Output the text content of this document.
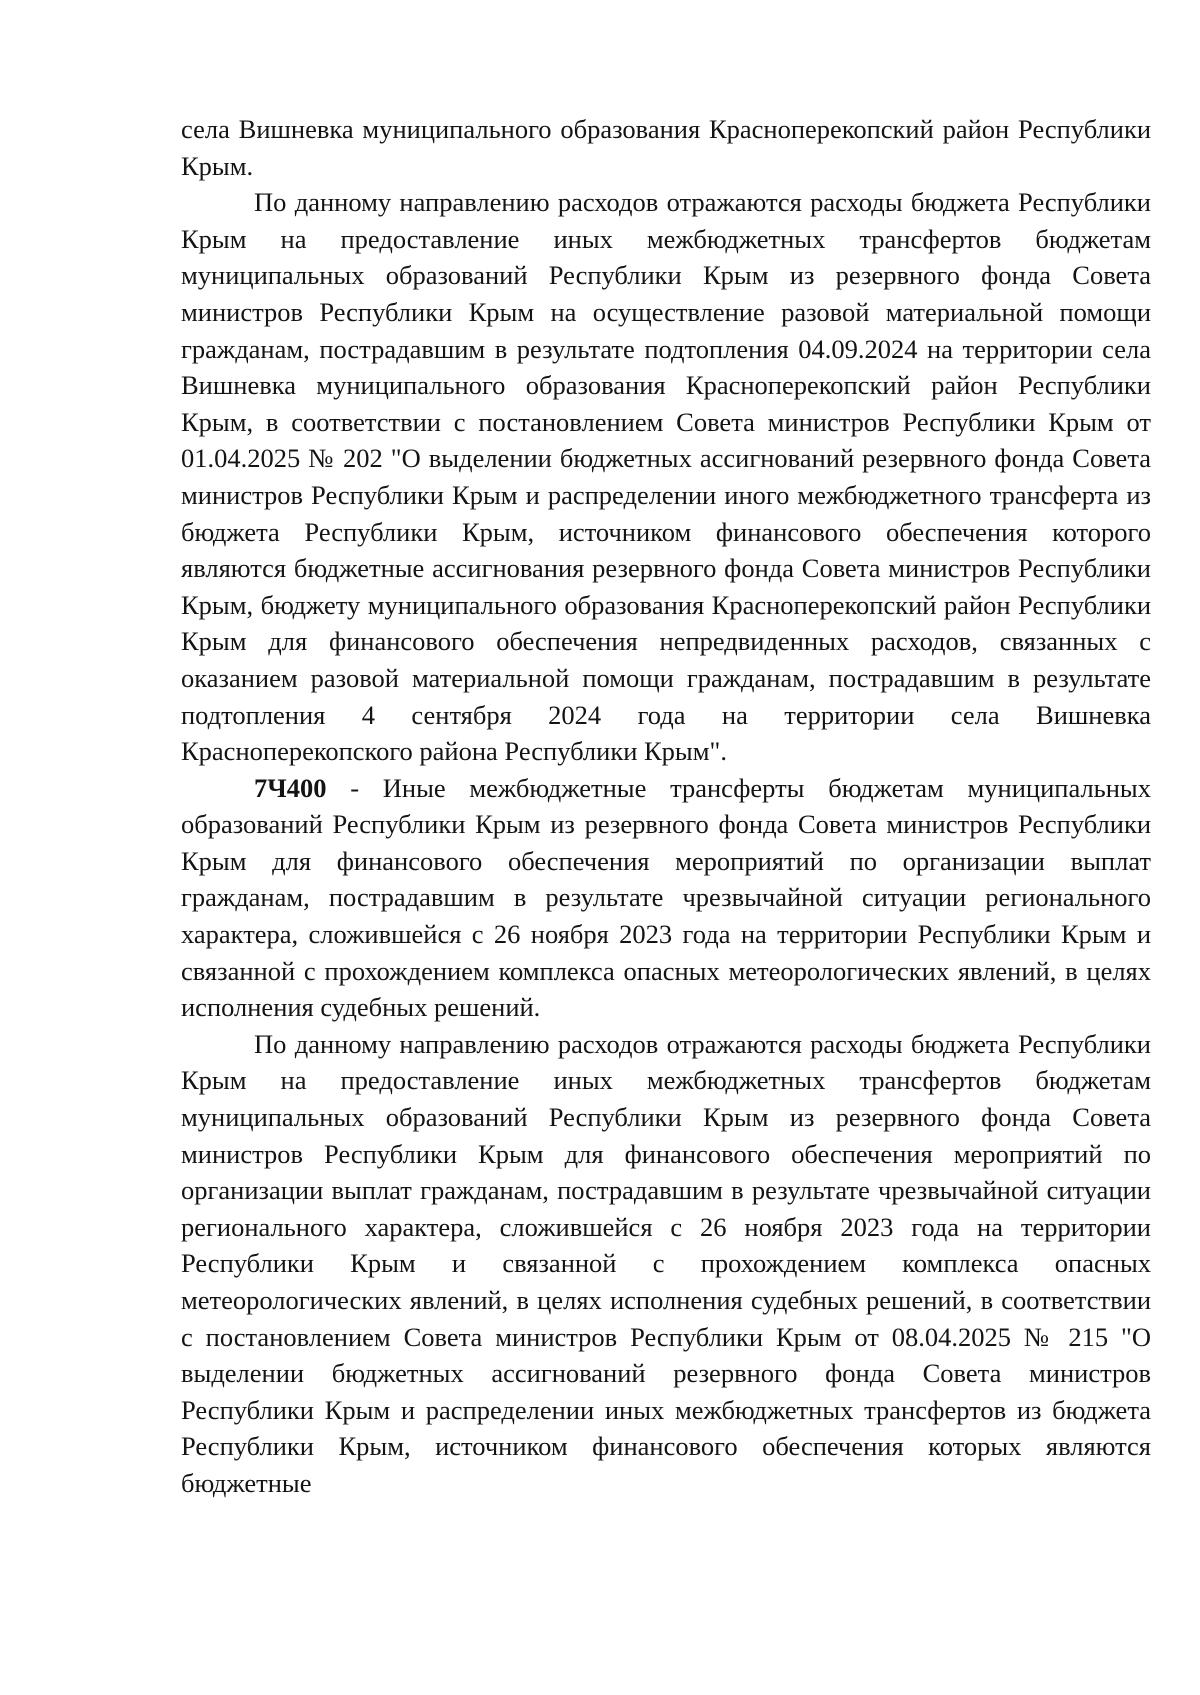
села Вишневка муниципального образования Красноперекопский район Республики Крым.

По данному направлению расходов отражаются расходы бюджета Республики Крым на предоставление иных межбюджетных трансфертов бюджетам муниципальных образований Республики Крым из резервного фонда Совета министров Республики Крым на осуществление разовой материальной помощи гражданам, пострадавшим в результате подтопления 04.09.2024 на территории села Вишневка муниципального образования Красноперекопский район Республики Крым, в соответствии с постановлением Совета министров Республики Крым от 01.04.2025 № 202 "О выделении бюджетных ассигнований резервного фонда Совета министров Республики Крым и распределении иного межбюджетного трансферта из бюджета Республики Крым, источником финансового обеспечения которого являются бюджетные ассигнования резервного фонда Совета министров Республики Крым, бюджету муниципального образования Красноперекопский район Республики Крым для финансового обеспечения непредвиденных расходов, связанных с оказанием разовой материальной помощи гражданам, пострадавшим в результате подтопления 4 сентября 2024 года на территории села Вишневка Красноперекопского района Республики Крым".

7Ч400 - Иные межбюджетные трансферты бюджетам муниципальных образований Республики Крым из резервного фонда Совета министров Республики Крым для финансового обеспечения мероприятий по организации выплат гражданам, пострадавшим в результате чрезвычайной ситуации регионального характера, сложившейся с 26 ноября 2023 года на территории Республики Крым и связанной с прохождением комплекса опасных метеорологических явлений, в целях исполнения судебных решений.

По данному направлению расходов отражаются расходы бюджета Республики Крым на предоставление иных межбюджетных трансфертов бюджетам муниципальных образований Республики Крым из резервного фонда Совета министров Республики Крым для финансового обеспечения мероприятий по организации выплат гражданам, пострадавшим в результате чрезвычайной ситуации регионального характера, сложившейся с 26 ноября 2023 года на территории Республики Крым и связанной с прохождением комплекса опасных метеорологических явлений, в целях исполнения судебных решений, в соответствии с постановлением Совета министров Республики Крым от 08.04.2025 № 215 "О выделении бюджетных ассигнований резервного фонда Совета министров Республики Крым и распределении иных межбюджетных трансфертов из бюджета Республики Крым, источником финансового обеспечения которых являются бюджетные
